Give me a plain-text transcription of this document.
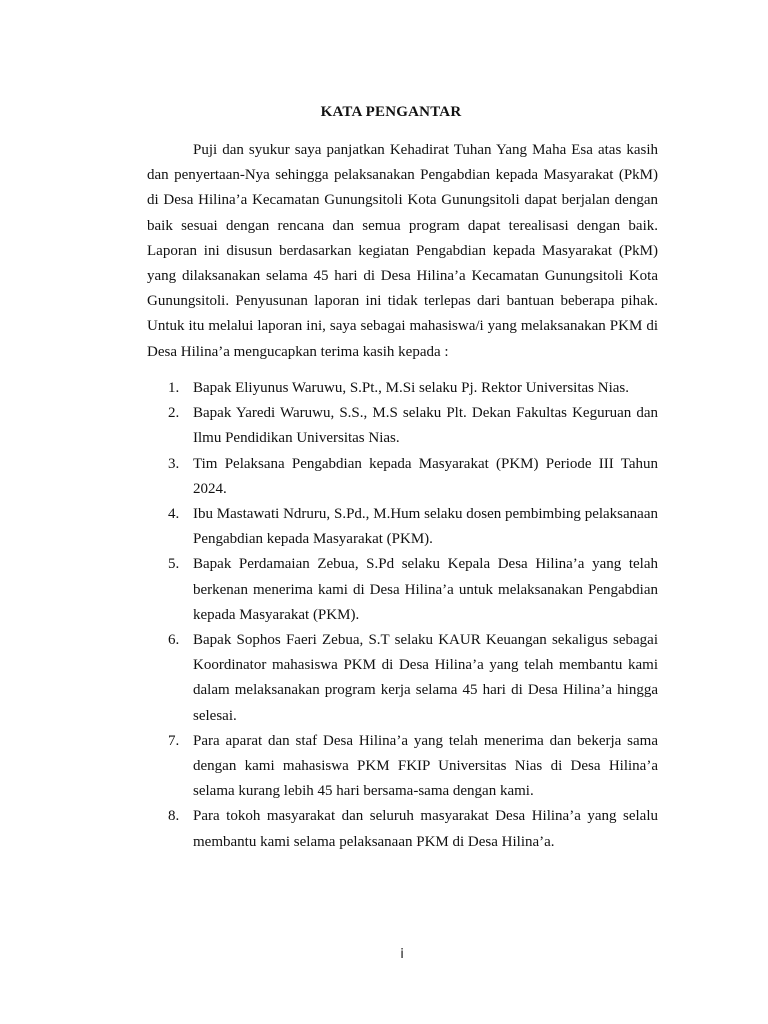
KATA PENGANTAR

Puji dan syukur saya panjatkan Kehadirat Tuhan Yang Maha Esa atas kasih dan penyertaan-Nya sehingga pelaksanakan Pengabdian kepada Masyarakat (PkM) di Desa Hilina’a Kecamatan Gunungsitoli Kota Gunungsitoli dapat berjalan dengan baik sesuai dengan rencana dan semua program dapat terealisasi dengan baik. Laporan ini disusun berdasarkan kegiatan Pengabdian kepada Masyarakat (PkM) yang dilaksanakan selama 45 hari di Desa Hilina’a Kecamatan Gunungsitoli Kota Gunungsitoli. Penyusunan laporan ini tidak terlepas dari bantuan beberapa pihak. Untuk itu melalui laporan ini, saya sebagai mahasiswa/i yang melaksanakan PKM di Desa Hilina’a mengucapkan terima kasih kepada :

1. Bapak Eliyunus Waruwu, S.Pt., M.Si selaku Pj. Rektor Universitas Nias.
2. Bapak Yaredi Waruwu, S.S., M.S selaku Plt. Dekan Fakultas Keguruan dan Ilmu Pendidikan Universitas Nias.
3. Tim Pelaksana Pengabdian kepada Masyarakat (PKM) Periode III Tahun 2024.
4. Ibu Mastawati Ndruru, S.Pd., M.Hum selaku dosen pembimbing pelaksanaan Pengabdian kepada Masyarakat (PKM).
5. Bapak Perdamaian Zebua, S.Pd selaku Kepala Desa Hilina’a yang telah berkenan menerima kami di Desa Hilina’a untuk melaksanakan Pengabdian kepada Masyarakat (PKM).
6. Bapak Sophos Faeri Zebua, S.T selaku KAUR Keuangan sekaligus sebagai Koordinator mahasiswa PKM di Desa Hilina’a yang telah membantu kami dalam melaksanakan program kerja selama 45 hari di Desa Hilina’a hingga selesai.
7. Para aparat dan staf Desa Hilina’a yang telah menerima dan bekerja sama dengan kami mahasiswa PKM FKIP Universitas Nias di Desa Hilina’a selama kurang lebih 45 hari bersama-sama dengan kami.
8. Para tokoh masyarakat dan seluruh masyarakat Desa Hilina’a yang selalu membantu kami selama pelaksanaan PKM di Desa Hilina’a.
i
